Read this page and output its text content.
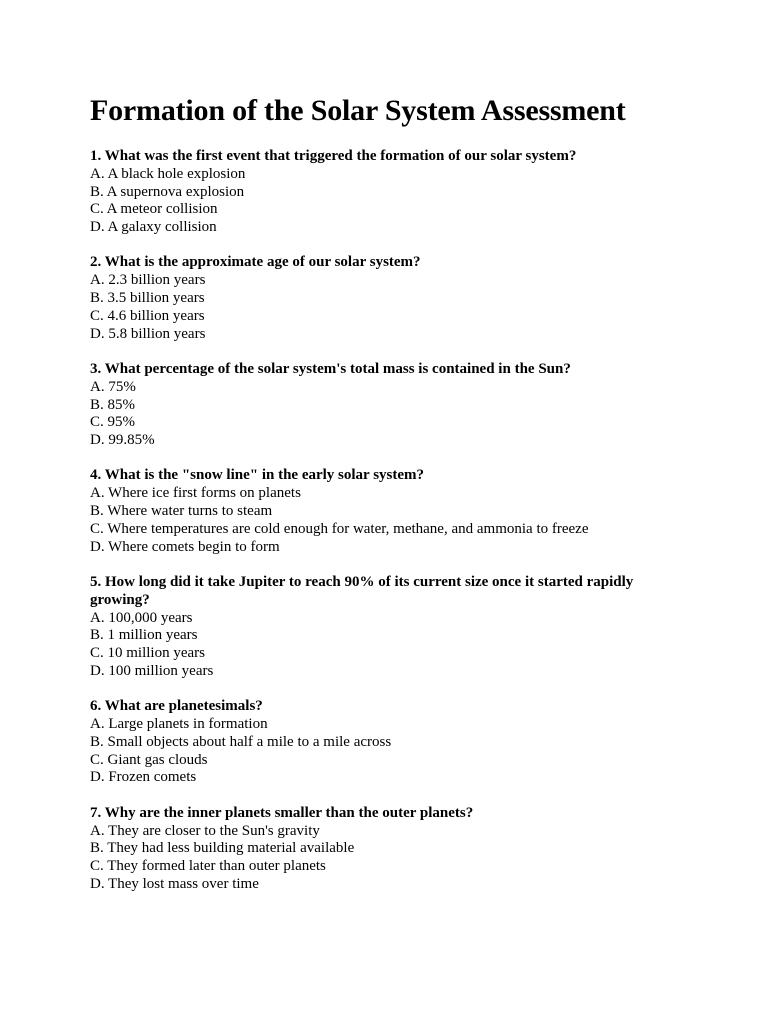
Formation of the Solar System Assessment
1. What was the first event that triggered the formation of our solar system?
A. A black hole explosion
B. A supernova explosion
C. A meteor collision
D. A galaxy collision
2. What is the approximate age of our solar system?
A. 2.3 billion years
B. 3.5 billion years
C. 4.6 billion years
D. 5.8 billion years
3. What percentage of the solar system's total mass is contained in the Sun?
A. 75%
B. 85%
C. 95%
D. 99.85%
4. What is the "snow line" in the early solar system?
A. Where ice first forms on planets
B. Where water turns to steam
C. Where temperatures are cold enough for water, methane, and ammonia to freeze
D. Where comets begin to form
5. How long did it take Jupiter to reach 90% of its current size once it started rapidly growing?
A. 100,000 years
B. 1 million years
C. 10 million years
D. 100 million years
6. What are planetesimals?
A. Large planets in formation
B. Small objects about half a mile to a mile across
C. Giant gas clouds
D. Frozen comets
7. Why are the inner planets smaller than the outer planets?
A. They are closer to the Sun's gravity
B. They had less building material available
C. They formed later than outer planets
D. They lost mass over time
